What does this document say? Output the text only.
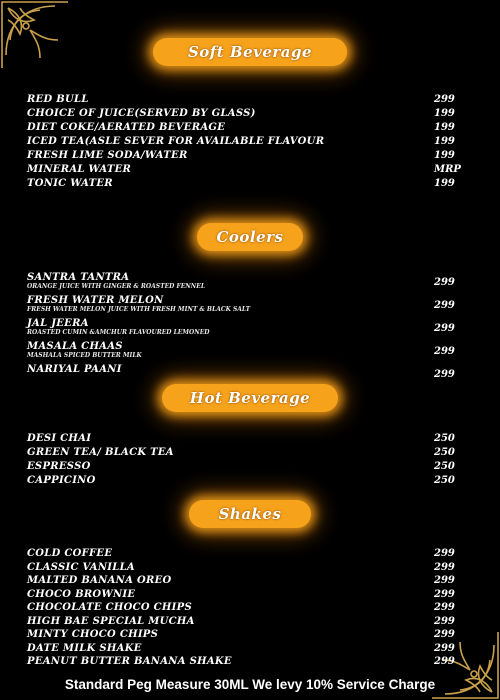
Soft Beverage
RED BULL	299
CHOICE OF JUICE(SERVED BY GLASS)	199
DIET COKE/AERATED BEVERAGE	199
ICED TEA(ASLE SEVER FOR AVAILABLE FLAVOUR	199
FRESH LIME SODA/WATER	199
MINERAL WATER	MRP
TONIC WATER	199
Coolers
SANTRA TANTRA
ORANGE JUICE WITH GINGER & ROASTED FENNEL	299
FRESH WATER MELON
FRESH WATER MELON JUICE WITH FRESH MINT & BLACK SALT	299
JAL JEERA
ROASTED CUMIN &AMCHUR FLAVOURED LEMONED	299
MASALA CHAAS
MASHALA SPICED BUTTER MILK	299
NARIYAL PAANI	299
Hot Beverage
DESI CHAI	250
GREEN TEA/ BLACK TEA	250
ESPRESSO	250
CAPPICINO	250
Shakes
COLD COFFEE	299
CLASSIC VANILLA	299
MALTED BANANA OREO	299
CHOCO BROWNIE	299
CHOCOLATE CHOCO CHIPS	299
HIGH BAE SPECIAL MUCHA	299
MINTY CHOCO CHIPS	299
DATE MILK SHAKE	299
PEANUT BUTTER BANANA SHAKE	299
Standard Peg Measure 30ML We levy 10% Service Charge
